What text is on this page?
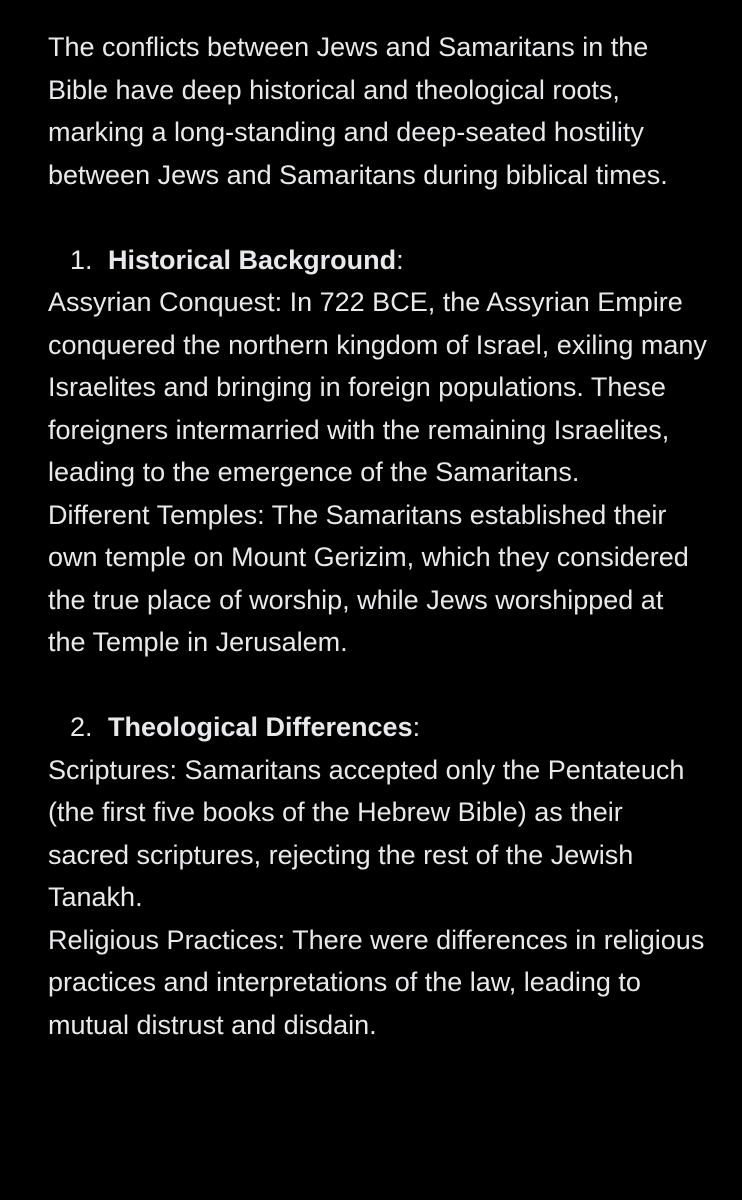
The conflicts between Jews and Samaritans in the Bible have deep historical and theological roots, marking a long-standing and deep-seated hostility between Jews and Samaritans during biblical times.

1. Historical Background:

Assyrian Conquest: In 722 BCE, the Assyrian Empire conquered the northern kingdom of Israel, exiling many Israelites and bringing in foreign populations. These foreigners intermarried with the remaining Israelites, leading to the emergence of the Samaritans.

Different Temples: The Samaritans established their own temple on Mount Gerizim, which they considered the true place of worship, while Jews worshipped at the Temple in Jerusalem.

2. Theological Differences:

Scriptures: Samaritans accepted only the Pentateuch (the first five books of the Hebrew Bible) as their sacred scriptures, rejecting the rest of the Jewish Tanakh.

Religious Practices: There were differences in religious practices and interpretations of the law, leading to mutual distrust and disdain.
